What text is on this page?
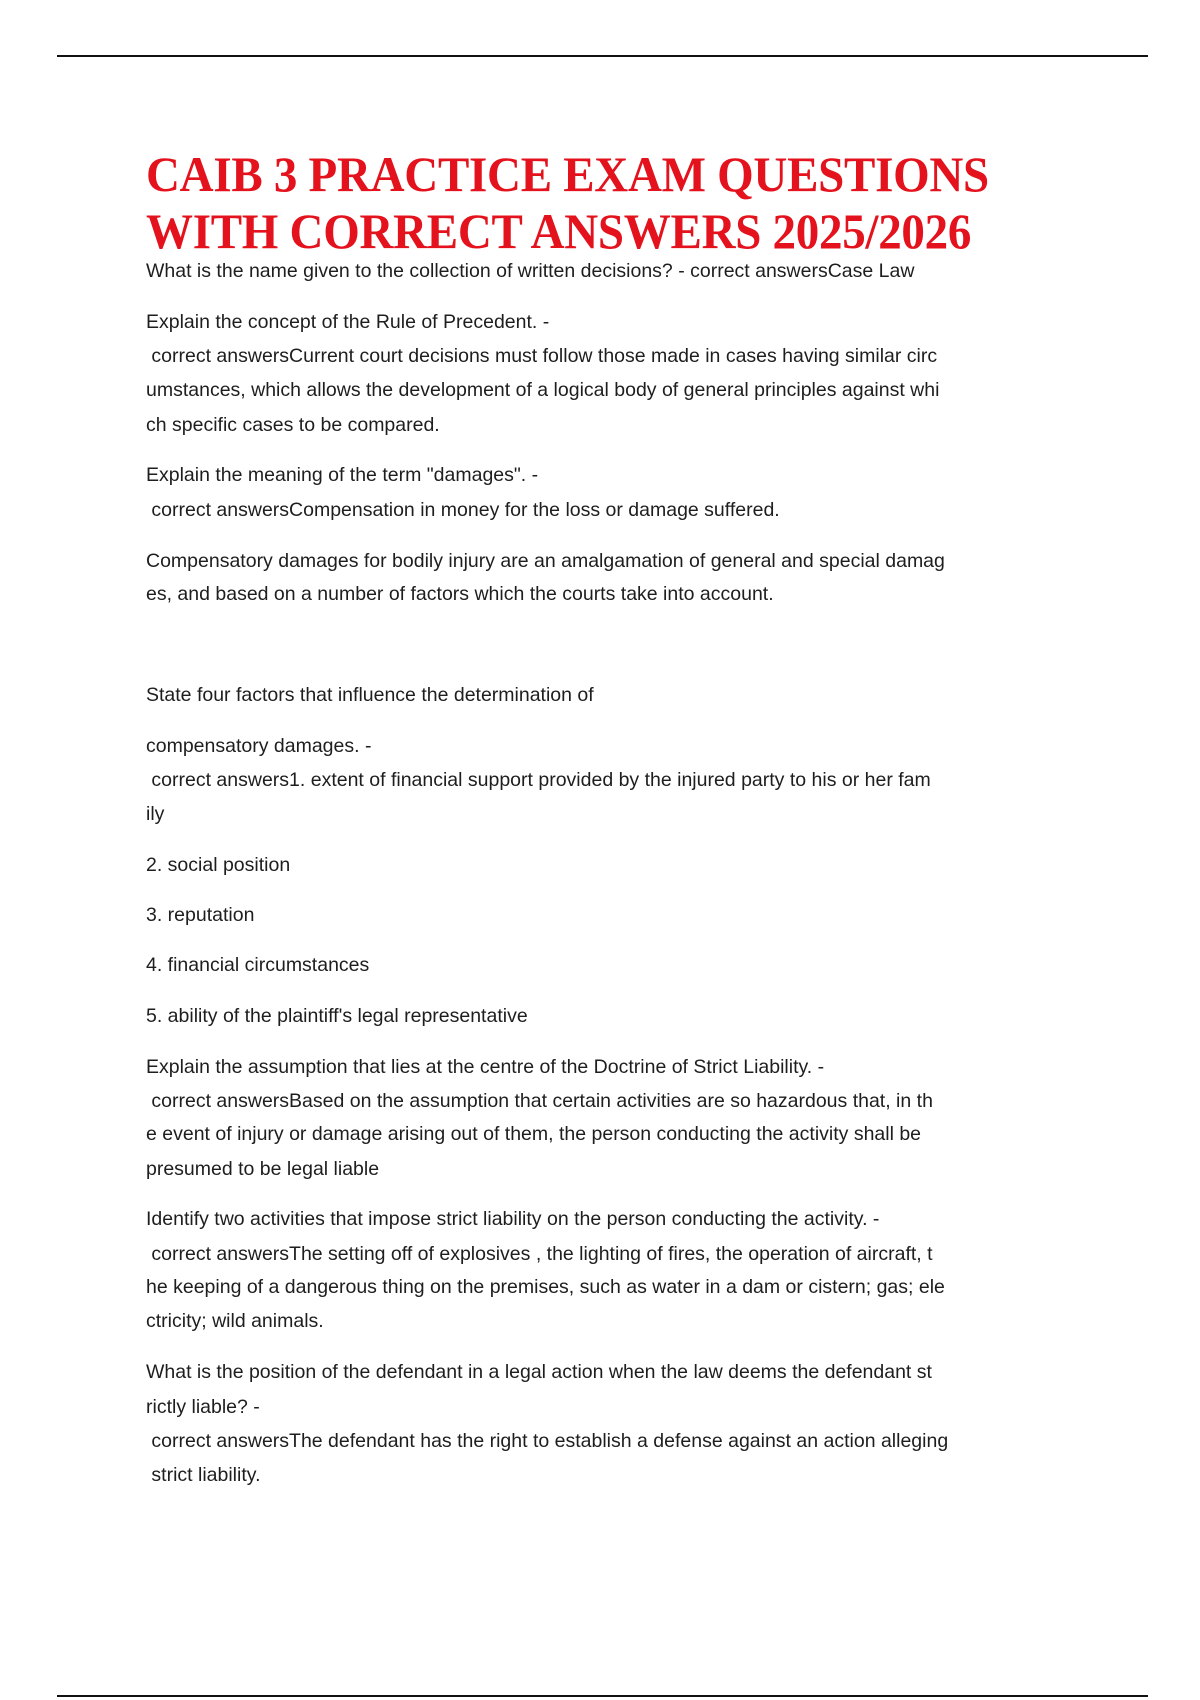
CAIB 3 PRACTICE EXAM QUESTIONS
WITH CORRECT ANSWERS 2025/2026
What is the name given to the collection of written decisions? - correct answersCase Law
Explain the concept of the Rule of Precedent. -
correct answersCurrent court decisions must follow those made in cases having similar circ
umstances, which allows the development of a logical body of general principles against whi
ch specific cases to be compared.
Explain the meaning of the term "damages". -
correct answersCompensation in money for the loss or damage suffered.
Compensatory damages for bodily injury are an amalgamation of general and special damag
es, and based on a number of factors which the courts take into account.
State four factors that influence the determination of
compensatory damages. -
correct answers1. extent of financial support provided by the injured party to his or her fam
ily
2. social position
3. reputation
4. financial circumstances
5. ability of the plaintiff's legal representative
Explain the assumption that lies at the centre of the Doctrine of Strict Liability. -
correct answersBased on the assumption that certain activities are so hazardous that, in th
e event of injury or damage arising out of them, the person conducting the activity shall be
presumed to be legal liable
Identify two activities that impose strict liability on the person conducting the activity. -
correct answersThe setting off of explosives , the lighting of fires, the operation of aircraft, t
he keeping of a dangerous thing on the premises, such as water in a dam or cistern; gas; ele
ctricity; wild animals.
What is the position of the defendant in a legal action when the law deems the defendant st
rictly liable? -
correct answersThe defendant has the right to establish a defense against an action alleging
strict liability.
